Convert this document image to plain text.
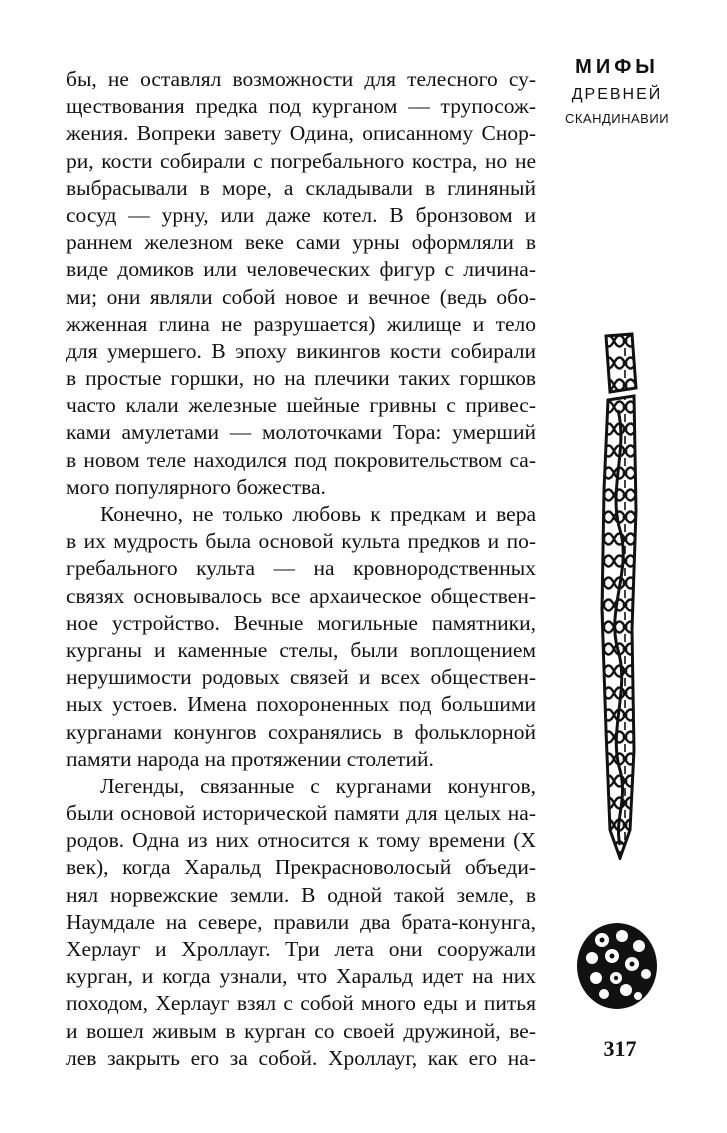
бы, не оставлял возможности для телесного су-
ществования предка под курганом — трупосож-
жения. Вопреки завету Одина, описанному Снор-
ри, кости собирали с погребального костра, но не
выбрасывали в море, а складывали в глиняный
сосуд — урну, или даже котел. В бронзовом и
раннем железном веке сами урны оформляли в
виде домиков или человеческих фигур с личина-
ми; они являли собой новое и вечное (ведь обо-
жженная глина не разрушается) жилище и тело
для умершего. В эпоху викингов кости собирали
в простые горшки, но на плечики таких горшков
часто клали железные шейные гривны с привес-
ками амулетами — молоточками Тора: умерший
в новом теле находился под покровительством са-
мого популярного божества.

Конечно, не только любовь к предкам и вера
в их мудрость была основой культа предков и по-
гребального культа — на кровнородственных
связях основывалось все архаическое обществен-
ное устройство. Вечные могильные памятники,
курганы и каменные стелы, были воплощением
нерушимости родовых связей и всех обществен-
ных устоев. Имена похороненных под большими
курганами конунгов сохранялись в фольклорной
памяти народа на протяжении столетий.

Легенды, связанные с курганами конунгов,
были основой исторической памяти для целых на-
родов. Одна из них относится к тому времени (X
век), когда Харальд Прекрасноволосый объеди-
нял норвежские земли. В одной такой земле, в
Наумдале на севере, правили два брата-конунга,
Херлауг и Хроллауг. Три лета они сооружали
курган, и когда узнали, что Харальд идет на них
походом, Херлауг взял с собой много еды и питья
и вошел живым в курган со своей дружиной, ве-
лев закрыть его за собой. Хроллауг, как его на-

МИФЫ
ДРЕВНЕЙ
СКАНДИНАВИИ
317
